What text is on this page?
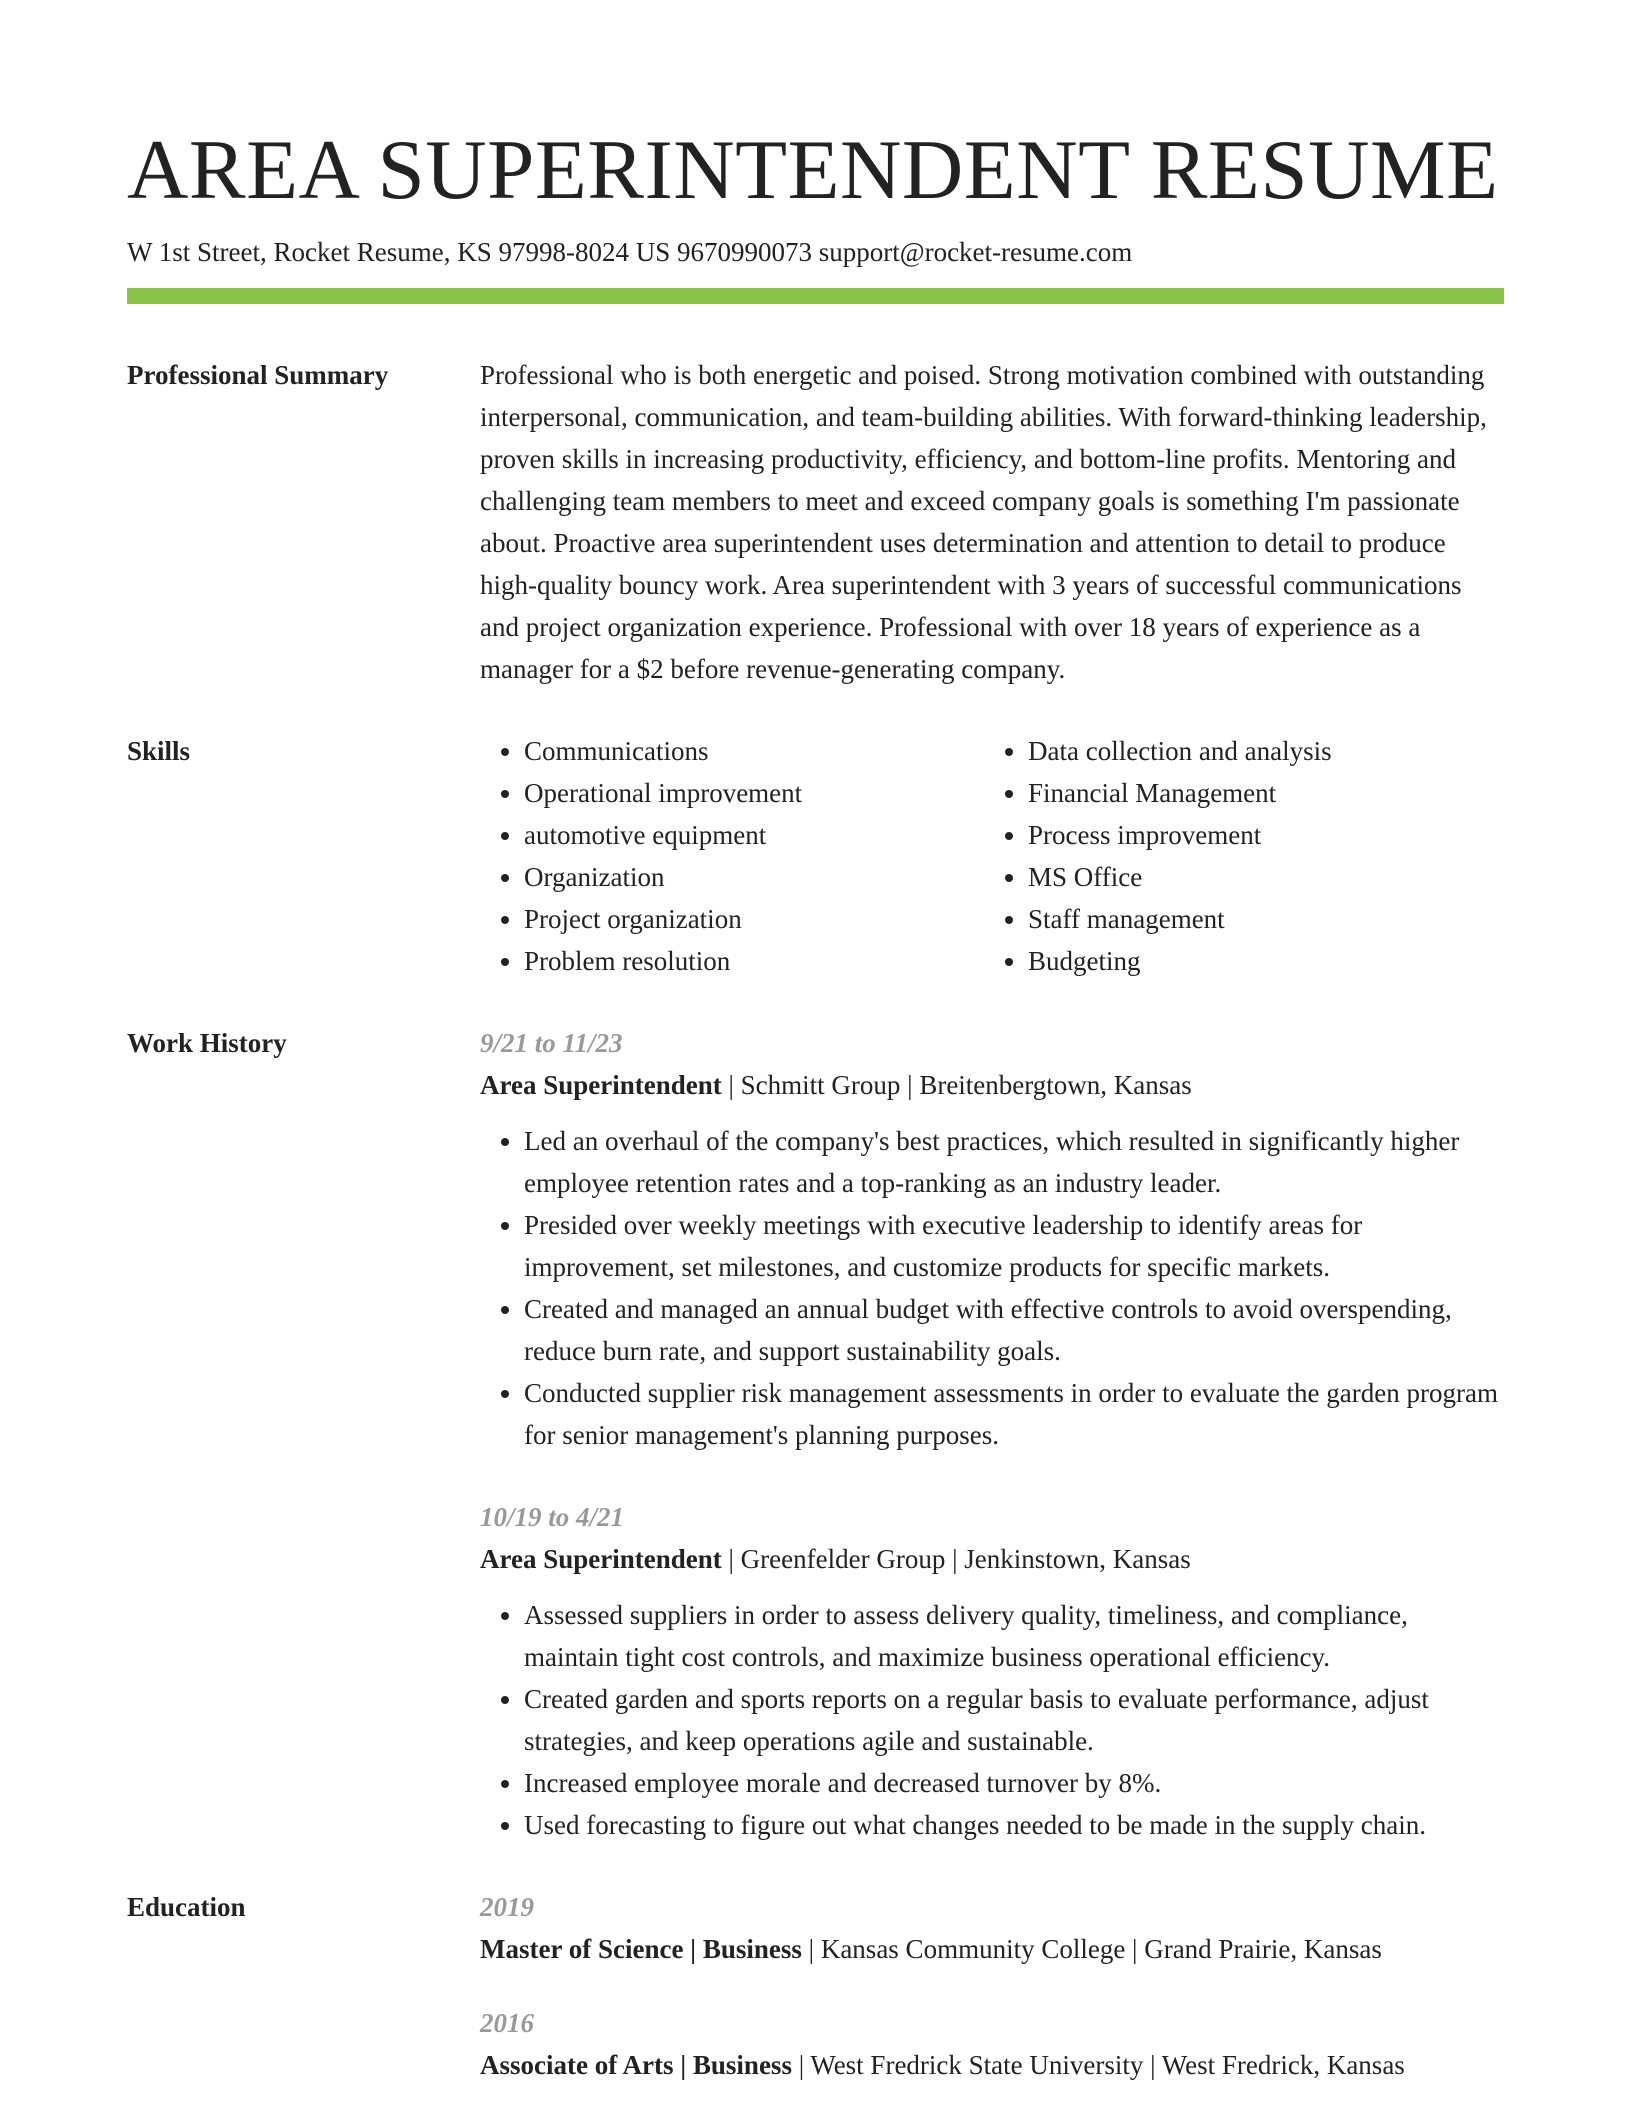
AREA SUPERINTENDENT RESUME
W 1st Street, Rocket Resume, KS 97998-8024 US 9670990073 support@rocket-resume.com
Professional Summary	Professional who is both energetic and poised. Strong motivation combined with outstanding interpersonal, communication, and team-building abilities. With forward-thinking leadership, proven skills in increasing productivity, efficiency, and bottom-line profits. Mentoring and challenging team members to meet and exceed company goals is something I'm passionate about. Proactive area superintendent uses determination and attention to detail to produce high-quality bouncy work. Area superintendent with 3 years of successful communications and project organization experience. Professional with over 18 years of experience as a manager for a $2 before revenue-generating company.

Skills
•	Communications
• Operational improvement
• automotive equipment
• Organization
• Project organization
• Problem resolution
• Data collection and analysis
• Financial Management
• Process improvement
• MS Office
• Staff management
• Budgeting
Work History	9/21 to 11/23
Area Superintendent | Schmitt Group | Breitenbergtown, Kansas
• Led an overhaul of the company's best practices, which resulted in significantly higher employee retention rates and a top-ranking as an industry leader.
• Presided over weekly meetings with executive leadership to identify areas for improvement, set milestones, and customize products for specific markets.
• Created and managed an annual budget with effective controls to avoid overspending, reduce burn rate, and support sustainability goals.
• Conducted supplier risk management assessments in order to evaluate the garden program for senior management's planning purposes.
10/19 to 4/21
Area Superintendent | Greenfelder Group | Jenkinstown, Kansas
• Assessed suppliers in order to assess delivery quality, timeliness, and compliance, maintain tight cost controls, and maximize business operational efficiency.
• Created garden and sports reports on a regular basis to evaluate performance, adjust strategies, and keep operations agile and sustainable.
• Increased employee morale and decreased turnover by 8%.
• Used forecasting to figure out what changes needed to be made in the supply chain.
Education	2019
Master of Science | Business | Kansas Community College | Grand Prairie, Kansas
2016
Associate of Arts | Business | West Fredrick State University | West Fredrick, Kansas
